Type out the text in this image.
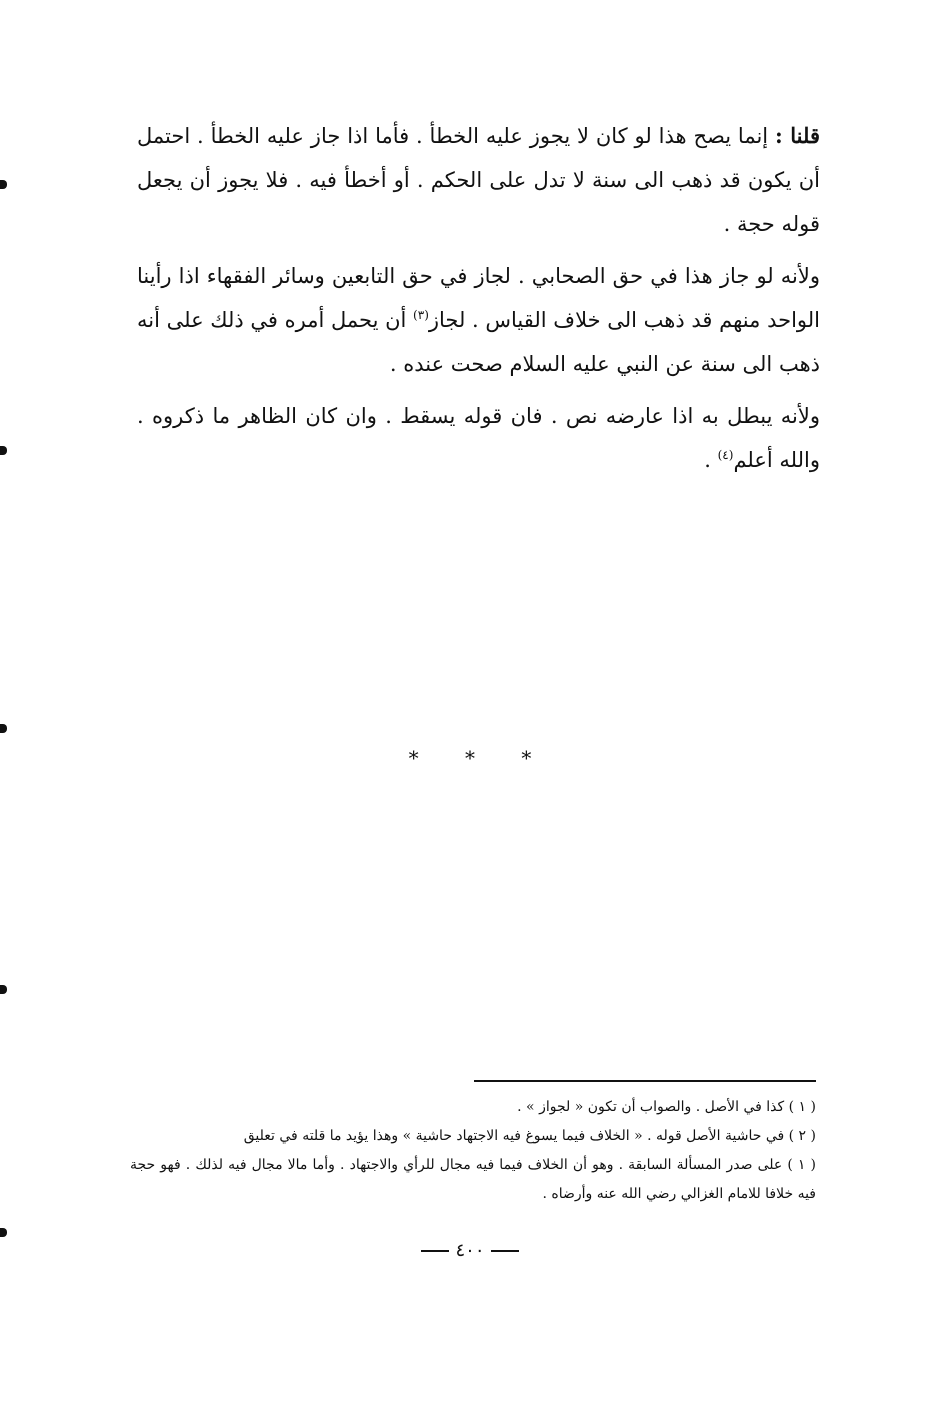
قلنا : إنما يصح هذا لو كان لا يجوز عليه الخطأ . فأما اذا جاز عليه الخطأ . احتمل أن يكون قد ذهب الى سنة لا تدل على الحكم . أو أخطأ فيه . فلا يجوز أن يجعل قوله حجة .

ولأنه لو جاز هذا في حق الصحابي . لجاز في حق التابعين وسائر الفقهاء اذا رأينا الواحد منهم قد ذهب الى خلاف القياس . لجاز$^{(٣)}$ أن يحمل أمره في ذلك على أنه ذهب الى سنة عن النبي عليه السلام صحت عنده .

ولأنه يبطل به اذا عارضه نص . فان قوله يسقط . وان كان الظاهر ما ذكروه . والله أعلم$^{(٤)}$ .

* * *

( ١ ) كذا في الأصل . والصواب أن تكون « لجواز » .

( ٢ ) في حاشية الأصل قوله . « الخلاف فيما يسوغ فيه الاجتهاد حاشية » وهذا يؤيد ما قلته في تعليق

( ١ ) على صدر المسألة السابقة . وهو أن الخلاف فيما فيه مجال للرأي والاجتهاد . وأما مالا مجال فيه لذلك . فهو حجة فيه خلافا للامام الغزالي رضي الله عنه وأرضاه .

٤٠٠
